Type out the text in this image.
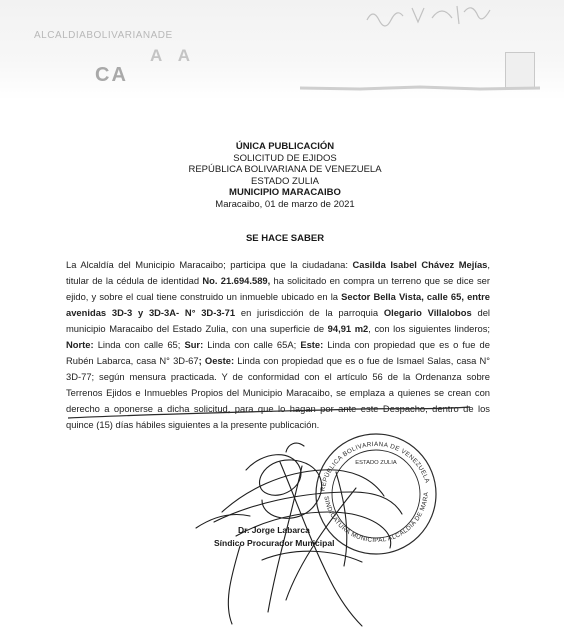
ALCALDIABOLIVARIANADE
A A
CA
ÚNICA PUBLICACIÓN
SOLICITUD DE EJIDOS
REPÚBLICA BOLIVARIANA DE VENEZUELA
ESTADO ZULIA
MUNICIPIO MARACAIBO
Maracaibo, 01 de marzo de 2021
SE HACE SABER
La Alcaldía del Municipio Maracaibo; participa que la ciudadana: Casilda Isabel Chávez Mejías, titular de la cédula de identidad No. 21.694.589, ha solicitado en compra un terreno que se dice ser ejido, y sobre el cual tiene construido un inmueble ubicado en la Sector Bella Vista, calle 65, entre avenidas 3D-3 y 3D-3A- N° 3D-3-71 en jurisdicción de la parroquia Olegario Villalobos del municipio Maracaibo del Estado Zulia, con una superficie de 94,91 m2, con los siguientes linderos; Norte: Linda con calle 65; Sur: Linda con calle 65A; Este: Linda con propiedad que es o fue de Rubén Labarca, casa N° 3D-67; Oeste: Linda con propiedad que es o fue de Ismael Salas, casa N° 3D-77; según mensura practicada. Y de conformidad con el artículo 56 de la Ordenanza sobre Terrenos Ejidos e Inmuebles Propios del Municipio Maracaibo, se emplaza a quienes se crean con derecho a oponerse a dicha solicitud, para que lo hagan por ante este Despacho, dentro de los quince (15) días hábiles siguientes a la presente publicación.
REPÚBLICA BOLIVARIANA DE VENEZUELA
SINDICATURA MUNICIPAL ALCALDÍA DE MARACAIBO
ESTADO ZULIA
Dr. Jorge Labarca
Síndico Procurador Municipal
